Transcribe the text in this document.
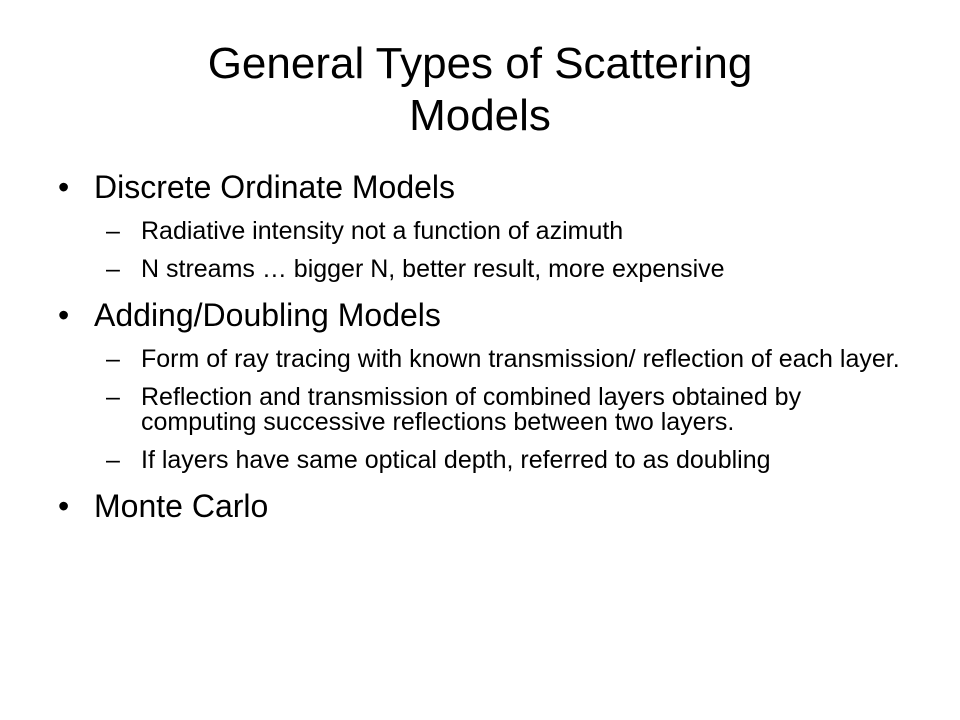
General Types of Scattering
Models
• Discrete Ordinate Models
– Radiative intensity not a function of azimuth
– N streams … bigger N, better result, more expensive
• Adding/Doubling Models
– Form of ray tracing with known transmission/ reflection of each layer.
– Reflection and transmission of combined layers obtained by computing successive reflections between two layers.
– If layers have same optical depth, referred to as doubling
• Monte Carlo
